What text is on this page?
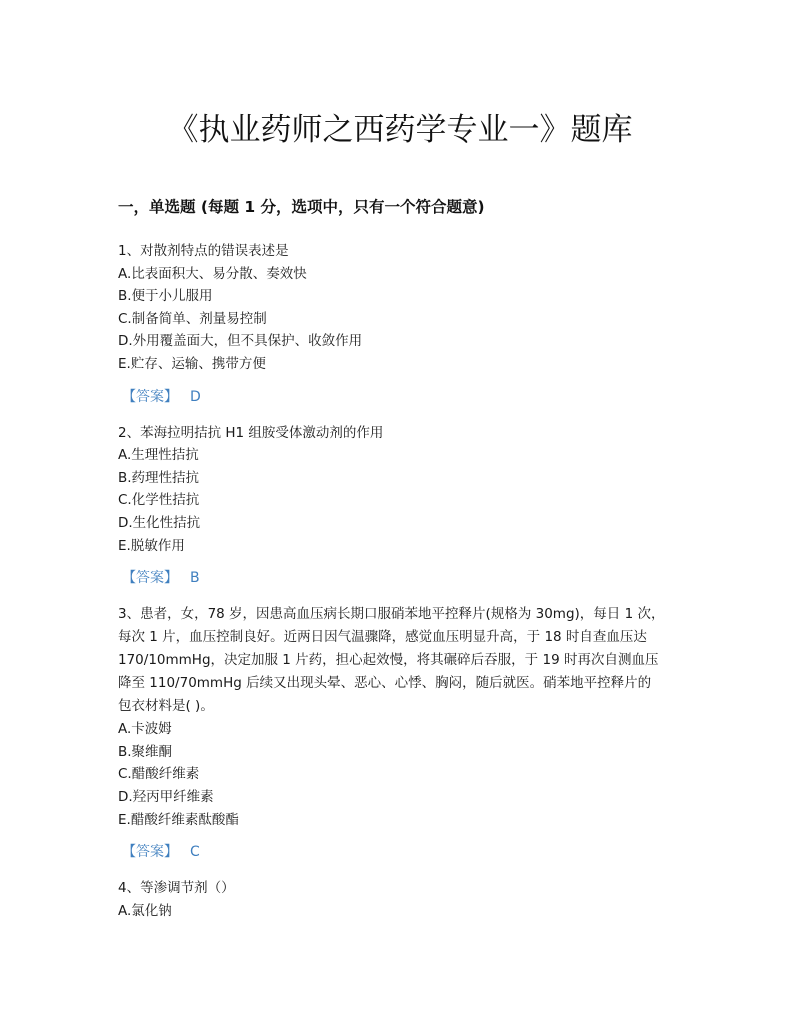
《执业药师之西药学专业一》题库
一，单选题 (每题 1 分，选项中，只有一个符合题意)

1、对散剂特点的错误表述是

A.比表面积大、易分散、奏效快

B.便于小儿服用

C.制备简单、剂量易控制

D.外用覆盖面大，但不具保护、收敛作用

E.贮存、运输、携带方便

【答案】 D

2、苯海拉明拮抗 H1 组胺受体激动剂的作用

A.生理性拮抗

B.药理性拮抗

C.化学性拮抗

D.生化性拮抗

E.脱敏作用

【答案】 B

3、患者，女，78 岁，因患高血压病长期口服硝苯地平控释片(规格为 30mg)，每日 1 次，

每次 1 片，血压控制良好。近两日因气温骤降，感觉血压明显升高，于 18 时自查血压达

170/10mmHg，决定加服 1 片药，担心起效慢，将其碾碎后吞服，于 19 时再次自测血压

降至 110/70mmHg 后续又出现头晕、恶心、心悸、胸闷，随后就医。硝苯地平控释片的

包衣材料是( )。

A.卡波姆

B.聚维酮

C.醋酸纤维素

D.羟丙甲纤维素

E.醋酸纤维素酞酸酯

【答案】 C

4、等渗调节剂（）

A.氯化钠
